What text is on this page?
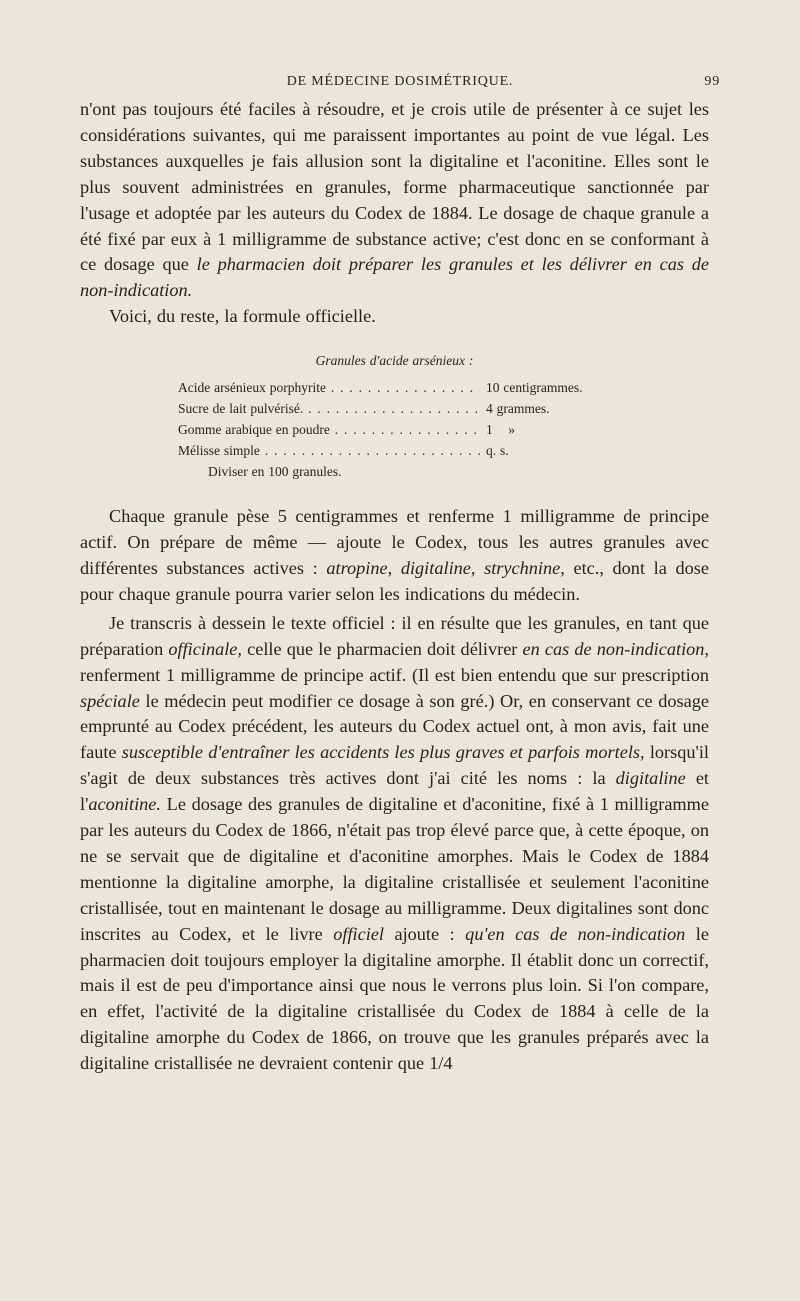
DE MÉDECINE DOSIMÉTRIQUE.	99

n'ont pas toujours été faciles à résoudre, et je crois utile de présenter à ce sujet les considérations suivantes, qui me paraissent importantes au point de vue légal. Les substances auxquelles je fais allusion sont la digitaline et l'aconitine. Elles sont le plus souvent administrées en granules, forme pharmaceutique sanctionnée par l'usage et adoptée par les auteurs du Codex de 1884. Le dosage de chaque granule a été fixé par eux à 1 milligramme de substance active; c'est donc en se conformant à ce dosage que le pharmacien doit préparer les granules et les délivrer en cas de non-indication.

Voici, du reste, la formule officielle.

Granules d'acide arsénieux :
Acide arsénieux porphyrite . . .	10 centigrammes.
Sucre de lait pulvérisé. . . .	4 grammes.
Gomme arabique en poudre . . .	1    »
Mélisse simple . . .	q. s.
Diviser en 100 granules.

Chaque granule pèse 5 centigrammes et renferme 1 milligramme de principe actif. On prépare de même — ajoute le Codex, tous les autres granules avec différentes substances actives : atropine, digitaline, strychnine, etc., dont la dose pour chaque granule pourra varier selon les indications du médecin.

Je transcris à dessein le texte officiel : il en résulte que les granules, en tant que préparation officinale, celle que le pharmacien doit délivrer en cas de non-indication, renferment 1 milligramme de principe actif. (Il est bien entendu que sur prescription spéciale le médecin peut modifier ce dosage à son gré.) Or, en conservant ce dosage emprunté au Codex précédent, les auteurs du Codex actuel ont, à mon avis, fait une faute susceptible d'entraîner les accidents les plus graves et parfois mortels, lorsqu'il s'agit de deux substances très actives dont j'ai cité les noms : la digitaline et l'aconitine. Le dosage des granules de digitaline et d'aconitine, fixé à 1 milligramme par les auteurs du Codex de 1866, n'était pas trop élevé parce que, à cette époque, on ne se servait que de digitaline et d'aconitine amorphes. Mais le Codex de 1884 mentionne la digitaline amorphe, la digitaline cristallisée et seulement l'aconitine cristallisée, tout en maintenant le dosage au milligramme. Deux digitalines sont donc inscrites au Codex, et le livre officiel ajoute : qu'en cas de non-indication le pharmacien doit toujours employer la digitaline amorphe. Il établit donc un correctif, mais il est de peu d'importance ainsi que nous le verrons plus loin. Si l'on compare, en effet, l'activité de la digitaline cristallisée du Codex de 1884 à celle de la digitaline amorphe du Codex de 1866, on trouve que les granules préparés avec la digitaline cristallisée ne devraient contenir que 1/4
